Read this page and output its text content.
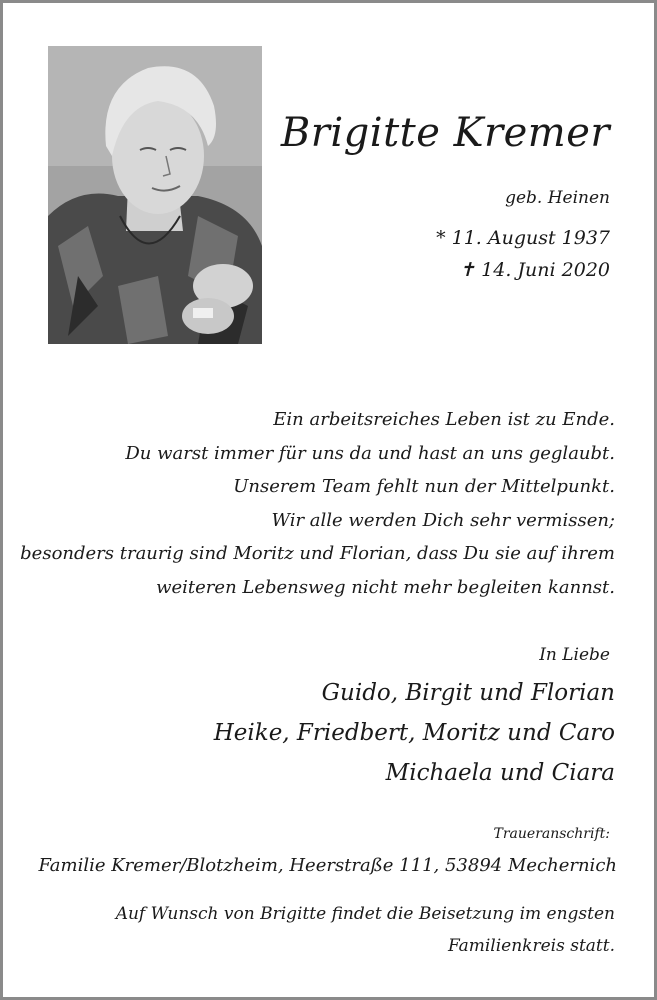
Brigitte Kremer
geb. Heinen
* 11. August 1937
✝ 14. Juni 2020
Ein arbeitsreiches Leben ist zu Ende.
Du warst immer für uns da und hast an uns geglaubt.
Unserem Team fehlt nun der Mittelpunkt.
Wir alle werden Dich sehr vermissen;
besonders traurig sind Moritz und Florian, dass Du sie auf ihrem
weiteren Lebensweg nicht mehr begleiten kannst.
In Liebe
Guido, Birgit und Florian
Heike, Friedbert, Moritz und Caro
Michaela und Ciara
Traueranschrift:
Familie Kremer/Blotzheim, Heerstraße 111, 53894 Mechernich
Auf Wunsch von Brigitte findet die Beisetzung im engsten
Familienkreis statt.
